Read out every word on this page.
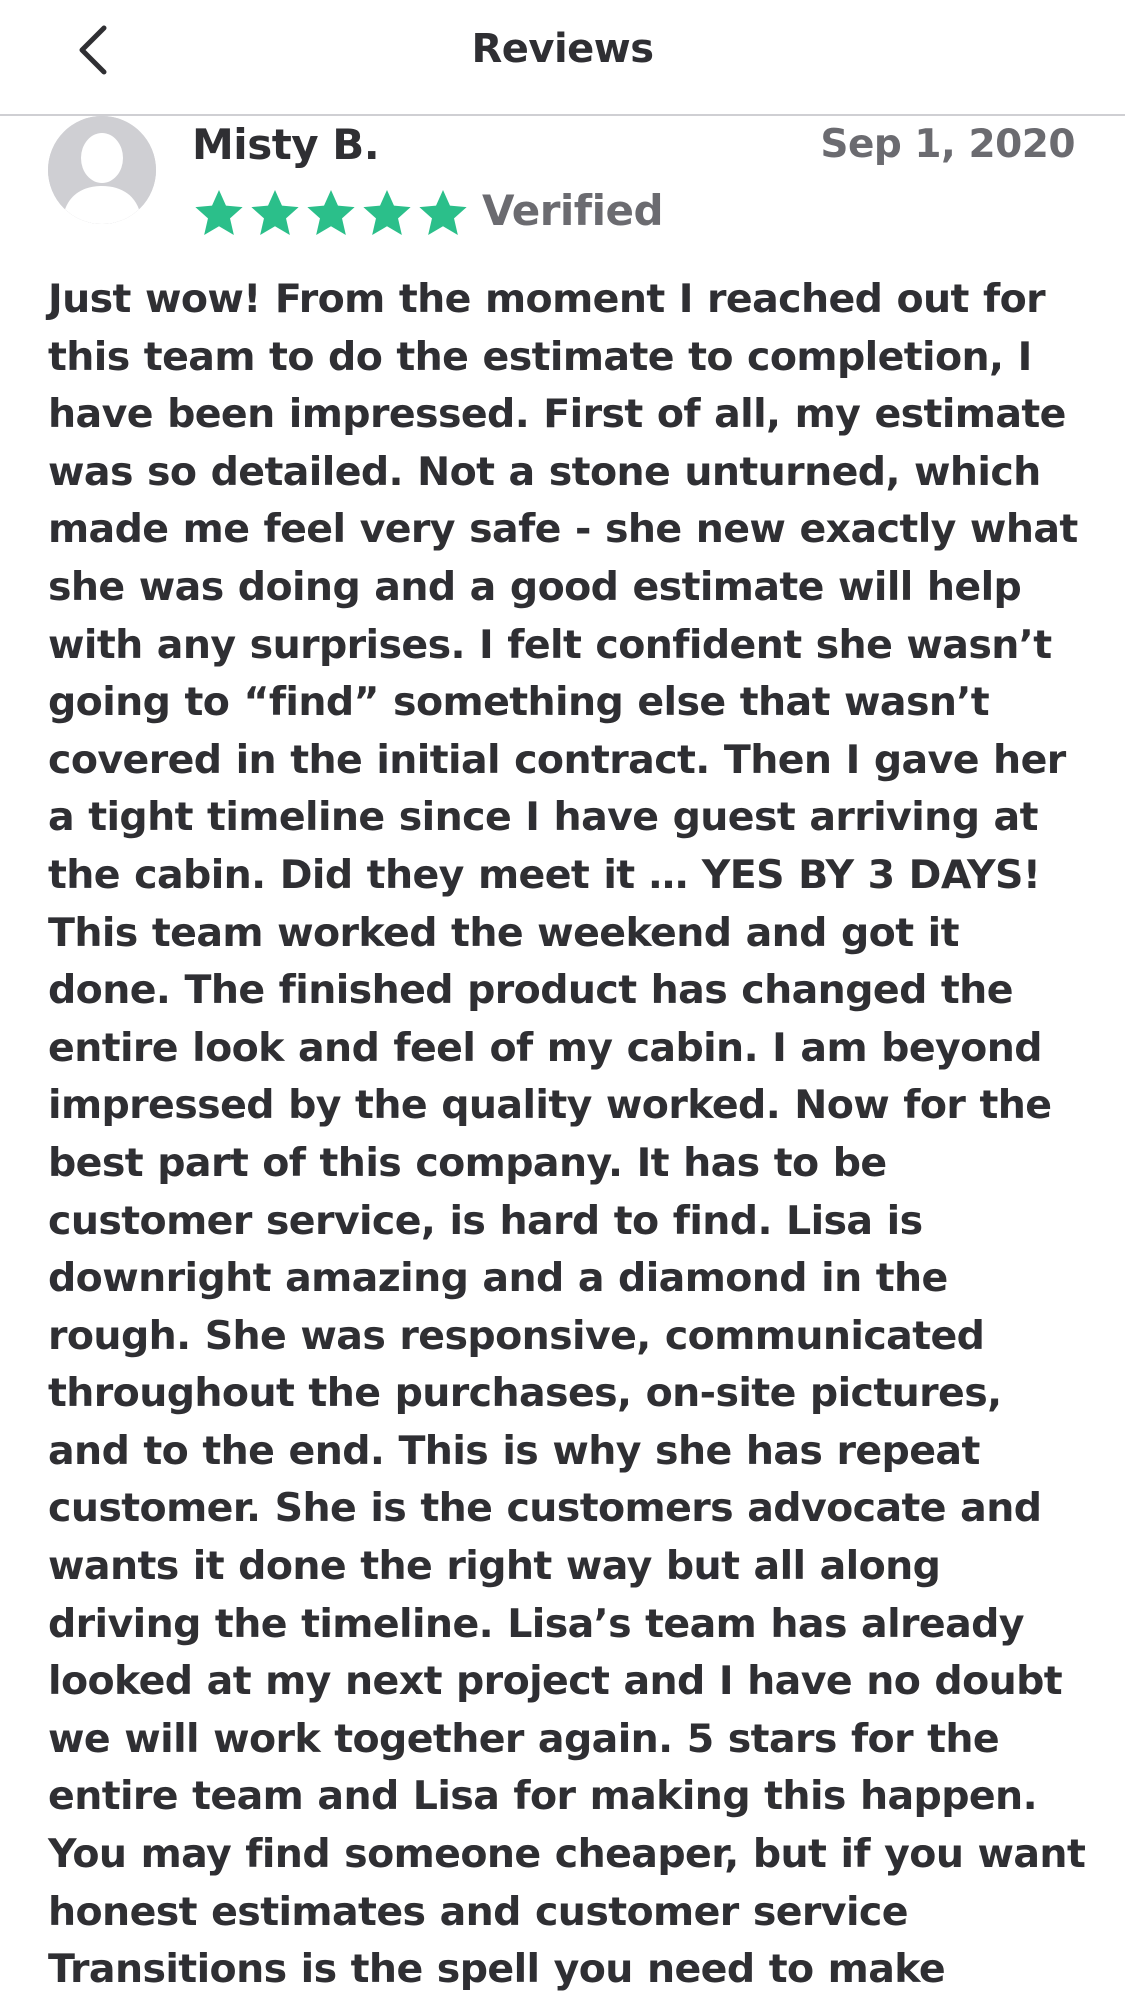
Reviews
Misty B.	Sep 1, 2020
Verified

Just wow! From the moment I reached out for this team to do the estimate to completion, I have been impressed. First of all, my estimate was so detailed. Not a stone unturned, which made me feel very safe - she new exactly what she was doing and a good estimate will help with any surprises. I felt confident she wasn’t going to “find” something else that wasn’t covered in the initial contract. Then I gave her a tight timeline since I have guest arriving at the cabin. Did they meet it … YES BY 3 DAYS! This team worked the weekend and got it done. The finished product has changed the entire look and feel of my cabin. I am beyond impressed by the quality worked. Now for the best part of this company. It has to be customer service, is hard to find. Lisa is downright amazing and a diamond in the rough. She was responsive, communicated throughout the purchases, on-site pictures, and to the end. This is why she has repeat customer. She is the customers advocate and wants it done the right way but all along driving the timeline. Lisa’s team has already looked at my next project and I have no doubt we will work together again. 5 stars for the entire team and Lisa for making this happen. You may find someone cheaper, but if you want honest estimates and customer service Transitions is the spell you need to make
